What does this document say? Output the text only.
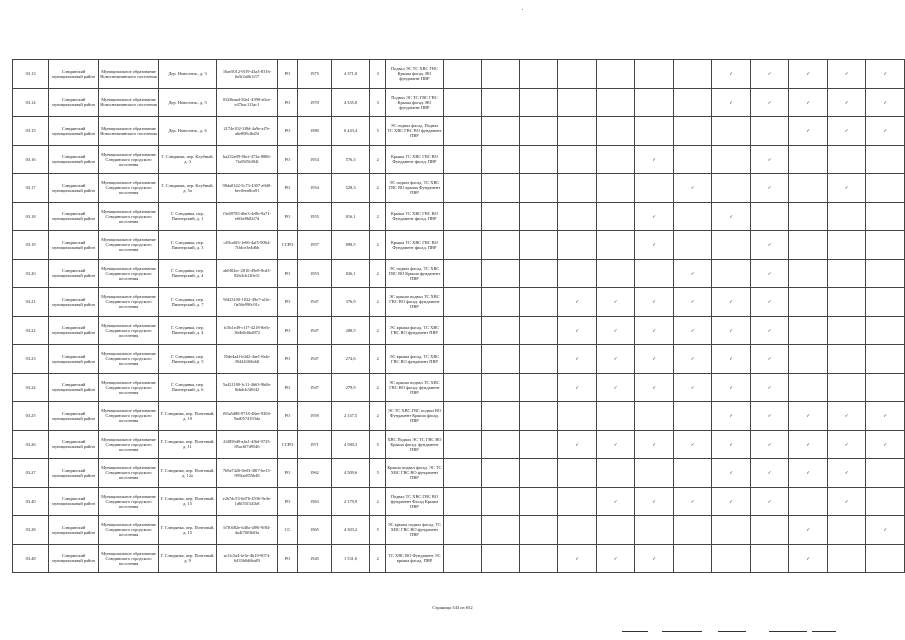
03.13	Слюдянский муниципальный район	Муниципальное образование Новоснежнинского поселения	Дер. Новоснеж., д. 3	16ae5012-9f19-43a3-8316-0a5f2a0b1f17	PO	1975	4 371,0	3	Подвал ЭС ТС ХВС ГВС Крыша фасад. ВО фундамент ПВР								✓	✓	✓	✓	✓
03.14	Слюдянский муниципальный район	Муниципальное образование Новоснежнинского поселения	Дер. Новоснеж., д. 5	0328eaad-30a1-4398-a0ca-e47bac113ac1	PO	1970	4 335,0	3	Подвал ЭС ТС ГВС ГВС Крыша фасад. ВО фундамент ПВР								✓	✓	✓	✓	✓
03.15	Слюдянский муниципальный район	Муниципальное образование Новоснежнинского поселения	Дер. Новоснеж., д. 6	2174e102-3f9d-4a9e-af7e-a6e808cfbd3f	PO	1980	6 443,4	5	ЭС подвал фасад. Подвал ТС ХВС ГВС ВО фундамент ПВР										✓	✓	✓
03.16	Слюдянский муниципальный район	Муниципальное образование Слюдянского городского поселения	Г. Слюдянка, пер. Клубный, д. 3	ba252e09-8bcf-473a-8886-7fa59f5fd94f	PO	1954	576,3	2	Крыша ТС ХВС ГВС ВО Фундамент фасад. ПВР						✓			✓			
03.17	Слюдянский муниципальный район	Муниципальное образование Слюдянского городского поселения	Г. Слюдянка, пер. Клубный, д. 5а	98da0322-5c73-4307-a9d0-bec0eea8ca91	PO	1954	528,3	2	ЭС подвал фасад. ТС ХВС ГВС ВО крыша Фундамент ПВР							✓		✓		✓	
03.18	Слюдянский муниципальный район	Муниципальное образование Слюдянского городского поселения	Г. Слюдянка, пер. Пионерский, д. 1	f3e69783-dbe3-4e8b-9a71-e6f4e8b02f7d	PO	1955	816,1	2	Крыша ТС ХВС ГВС ВО Фундамент фасад. ПВР						✓		✓				
03.19	Слюдянский муниципальный район	Муниципальное образование Слюдянского городского поселения	Г. Слюдянка, пер. Пионерский, д. 3	c49ca0f3-1e06-4af5-9064-7ffdce3e4d6b	CCPO	1957	898,5	2	Крыша ТС ХВС ГВС ВО Фундамент фасад. ПВР						✓			✓			
03.20	Слюдянский муниципальный район	Муниципальное образование Слюдянского городского поселения	Г. Слюдянка, пер. Пионерский, д. 4	ab0f02ec-2016-49e8-8cd3-82b4cb120e31	PO	1953	826,1	2	ЭС подвал фасад. ТС ХВС ГВС ВО Крыша фундамент ПВР							✓		✓			
03.21	Слюдянский муниципальный район	Муниципальное образование Слюдянского городского поселения	Г. Слюдянка, пер. Пионерский, д. 7	9fd23100-1032-49e7-a1fe-0a56e990c91c	PO	1947	376,9	2	ЭС крыша подвал ТС ХВС ГВС ВО фасад. фундамент ПВР				✓	✓	✓	✓	✓	✓			
03.22	Слюдянский муниципальный район	Муниципальное образование Слюдянского городского поселения	Г. Слюдянка, пер. Пионерский, д. 4	fc5b1e49-c1f7-4218-8efb-16db0c6bd872	PO	1947	288,5	2	ЭС крыша фасад. ТС ХВС ГВС ВО фундамент ПВР				✓	✓	✓	✓	✓	✓			
03.23	Слюдянский муниципальный район	Муниципальное образование Слюдянского городского поселения	Г. Слюдянка, пер. Пионерский, д. 5	55de4a4f-b3d2-4ae1-8afe-394443f66d4f	PO	1947	274,6	2	ЭС крыша фасад. ТС ХВС ГВС ВО фундамент ПВР				✓	✓	✓	✓	✓	✓			
03.24	Слюдянский муниципальный район	Муниципальное образование Слюдянского городского поселения	Г. Слюдянка, пер. Пионерский, д. 6	5a421180-fc11-4b63-9b6b-8ebdcb3f0f42	PO	1947	279,9	2	ЭС крыша подвал ТС ХВС ГВС ВО фасад. фундамент ПВР				✓	✓	✓	✓	✓	✓			
03.25	Слюдянский муниципальный район	Муниципальное образование Слюдянского городского поселения	Г. Слюдянка, пер. Почтовый, д. 10	f83a5d88-9718-48ae-9304-9ad0574193da	PO	1959	2 147,5	2	ЭС ТС ХВС ГВС подвал ВО Фундамент Крыша фасад. ПВР								✓	✓	✓	✓	✓
03.26	Слюдянский муниципальный район	Муниципальное образование Слюдянского городского поселения	Г. Слюдянка, пер. Почтовый, д. 11	2f4856d0-a4a1-4f6d-9725-85ac6f7d9546	CCPO	1971	4 580,3	5	ХВС Подвал ЭС ТС ГВС ВО Крыша фасад. фундамент ПВР				✓	✓	✓	✓	✓	✓	✓	✓	✓
03.27	Слюдянский муниципальный район	Муниципальное образование Слюдянского городского поселения	Г. Слюдянка, пер. Почтовый, д. 12а	7b9a7426-0e03-48f7-be15-995fae855b48	PO	1962	4 509,6	5	Крыша подвал фасад. ЭС ТС ХВС ГВС ВО фундамент ПВР								✓	✓	✓	✓	
03.40	Слюдянский муниципальный район	Муниципальное образование Слюдянского городского поселения	Г. Слюдянка, пер. Почтовый, д. 15	e2b7dc53-6d76-4536-9e4e-1d6f55f341b8	PO	1963	2 179,9	2	Подвал ТС ХВС ГВС ВО фундамент Фасад Крыша ПВР					✓	✓	✓	✓	✓		✓	
03.28	Слюдянский муниципальный район	Муниципальное образование Слюдянского городского поселения	Г. Слюдянка, пер. Почтовый, д. 15	b7f0482e-b40a-489f-9f84-4a4f70f0b03a	CC	1965	4 303,2	5	ЭС крыша подвал фасад. ТС ХВС ГВС ВО фундамент ПВР										✓		✓
03.48	Слюдянский муниципальный район	Муниципальное образование Слюдянского городского поселения	Г. Слюдянка, пер. Почтовый, д. 9	acf1c5a4-fe3e-4b19-9074-6433b0d6ba83	PO	1945	1 531,6	2	ТС ХВС ВО Фундамент ЭС крыша фасад. ПВР				✓	✓	✓				✓		
Страница 543 из 652
